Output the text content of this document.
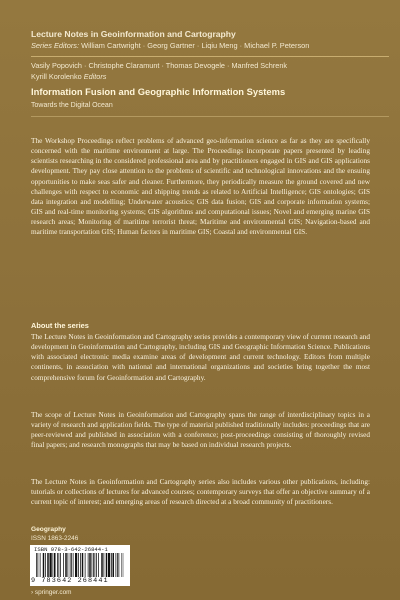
Lecture Notes in Geoinformation and Cartography

Series Editors: William Cartwright · Georg Gartner · Liqiu Meng · Michael P. Peterson

Vasily Popovich · Christophe Claramunt · Thomas Devogele · Manfred Schrenk
Kyrill Korolenko Editors

Information Fusion and Geographic Information Systems

Towards the Digital Ocean

The Workshop Proceedings reflect problems of advanced geo-information science as far as they are specifically concerned with the maritime environment at large. The Proceedings incorporate papers presented by leading scientists researching in the considered professional area and by practitioners engaged in GIS and GIS applications development. They pay close attention to the problems of scientific and technological innovations and the ensuing opportunities to make seas safer and cleaner. Furthermore, they periodically measure the ground covered and new challenges with respect to economic and shipping trends as related to Artificial Intelligence; GIS ontologies; GIS data integration and modelling; Underwater acoustics; GIS data fusion; GIS and corporate information systems; GIS and real-time monitoring systems; GIS algorithms and computational issues; Novel and emerging marine GIS research areas; Monitoring of maritime terrorist threat; Maritime and environmental GIS; Navigation-based and maritime transportation GIS; Human factors in maritime GIS; Coastal and environmental GIS.

About the series

The Lecture Notes in Geoinformation and Cartography series provides a contemporary view of current research and development in Geoinformation and Cartography, including GIS and Geographic Information Science. Publications with associated electronic media examine areas of development and current technology. Editors from multiple continents, in association with national and international organizations and societies bring together the most comprehensive forum for Geoinformation and Cartography.

The scope of Lecture Notes in Geoinformation and Cartography spans the range of interdisciplinary topics in a variety of research and application fields. The type of material published traditionally includes: proceedings that are peer-reviewed and published in association with a conference; post-proceedings consisting of thoroughly revised final papers; and research monographs that may be based on individual research projects.

The Lecture Notes in Geoinformation and Cartography series also includes various other publications, including: tutorials or collections of lectures for advanced courses; contemporary surveys that offer an objective summary of a current topic of interest; and emerging areas of research directed at a broad community of practitioners.

Geography

ISSN 1863-2246

ISBN 978-3-642-26844-1
9 783642 268441

› springer.com
